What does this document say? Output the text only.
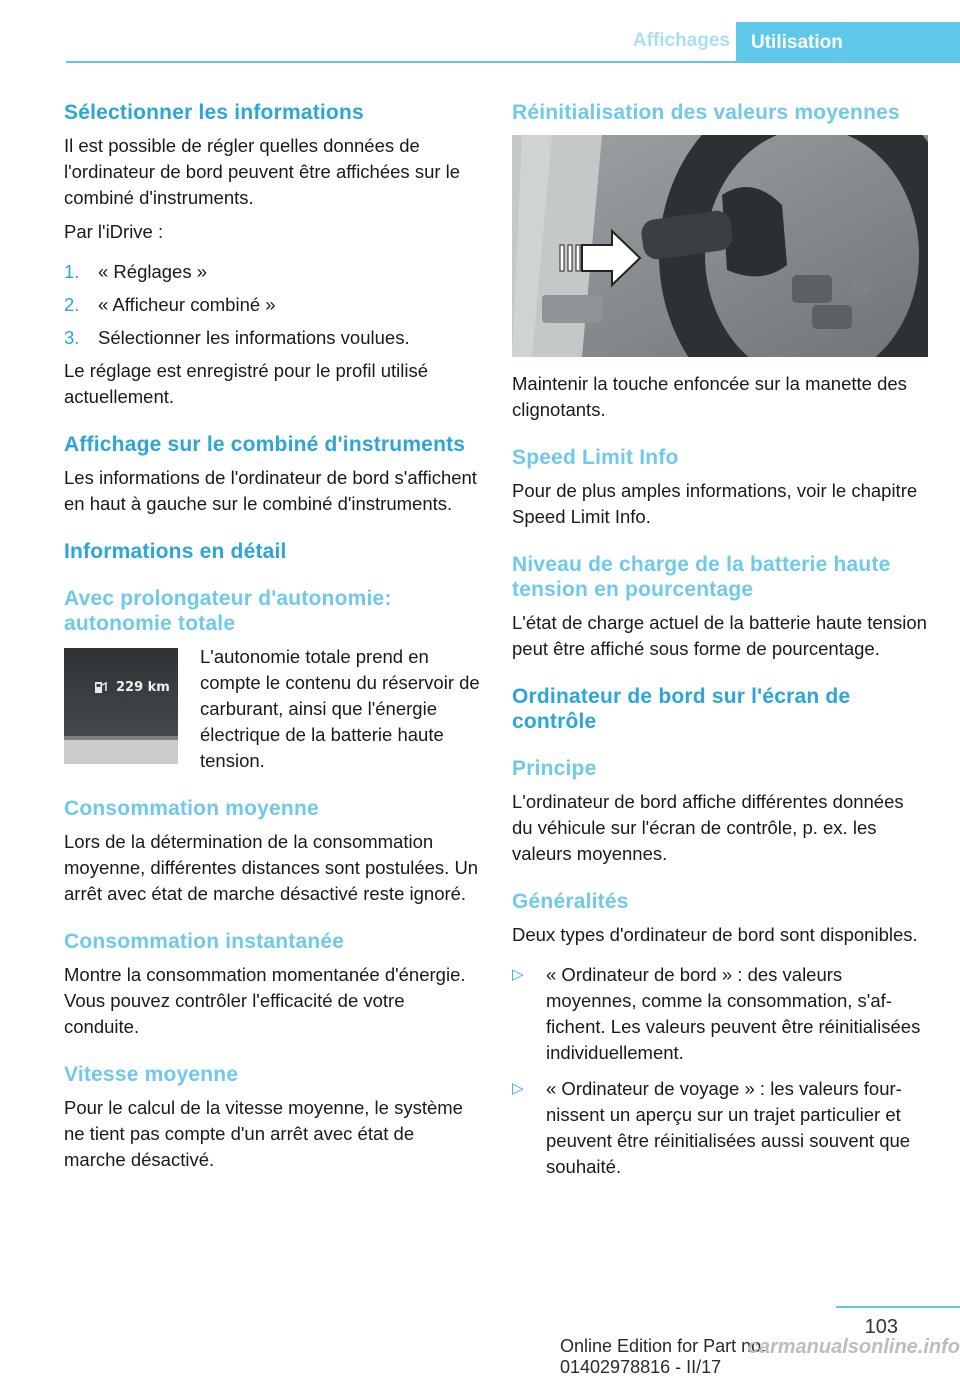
Affichages	Utilisation
Sélectionner les informations

Il est possible de régler quelles données de l'ordinateur de bord peuvent être affichées sur le combiné d'instruments.

Par l'iDrive :

1. « Réglages »
2. « Afficheur combiné »
3. Sélectionner les informations voulues.

Le réglage est enregistré pour le profil utilisé actuellement.

Affichage sur le combiné d'instruments

Les informations de l'ordinateur de bord s'affichent en haut à gauche sur le combiné d'instruments.

Informations en détail
Avec prolongateur d'autonomie: autonomie totale
229 km

L'autonomie totale prend en compte le contenu du réservoir de carburant, ainsi que l'énergie électrique de la batterie haute tension.

Consommation moyenne

Lors de la détermination de la consommation moyenne, différentes distances sont postulées. Un arrêt avec état de marche désactivé reste ignoré.

Consommation instantanée

Montre la consommation momentanée d'énergie. Vous pouvez contrôler l'efficacité de votre conduite.

Vitesse moyenne

Pour le calcul de la vitesse moyenne, le système ne tient pas compte d'un arrêt avec état de marche désactivé.

Réinitialisation des valeurs moyennes

Maintenir la touche enfoncée sur la manette des clignotants.

Speed Limit Info

Pour de plus amples informations, voir le chapitre Speed Limit Info.

Niveau de charge de la batterie haute tension en pourcentage

L'état de charge actuel de la batterie haute tension peut être affiché sous forme de pourcentage.

Ordinateur de bord sur l'écran de contrôle
Principe

L'ordinateur de bord affiche différentes données du véhicule sur l'écran de contrôle, p. ex. les valeurs moyennes.

Généralités

Deux types d'ordinateur de bord sont disponibles.

▷ « Ordinateur de bord » : des valeurs moyennes, comme la consommation, s'affichent. Les valeurs peuvent être réinitialisées individuellement.
▷ « Ordinateur de voyage » : les valeurs fournissent un aperçu sur un trajet particulier et peuvent être réinitialisées aussi souvent que souhaité.
103
Online Edition for Part no. 01402978816 - II/17
carmanualsonline.info
